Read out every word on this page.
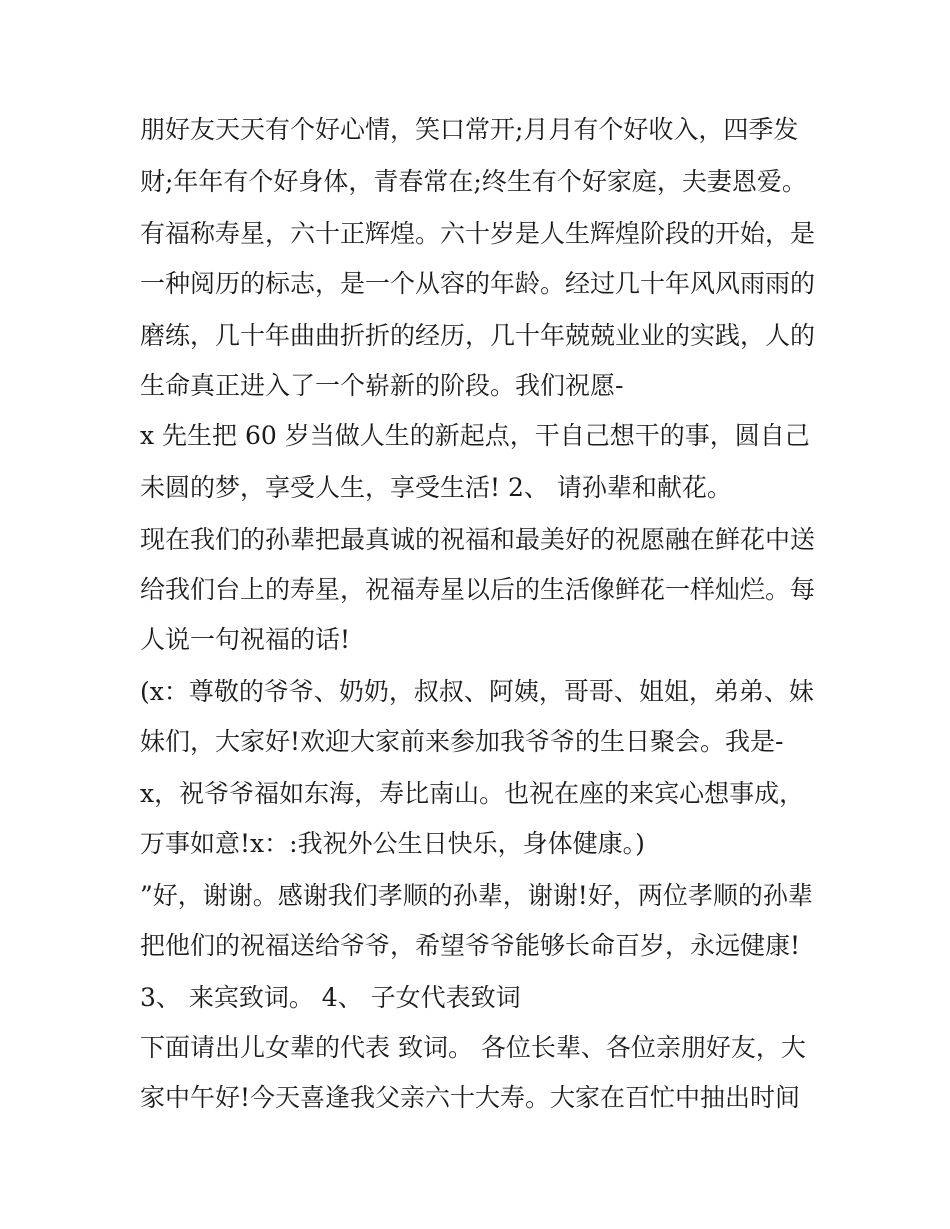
朋好友天天有个好心情，笑口常开;月月有个好收入，四季发
财;年年有个好身体，青春常在;终生有个好家庭，夫妻恩爱。
有福称寿星，六十正辉煌。六十岁是人生辉煌阶段的开始，是
一种阅历的标志，是一个从容的年龄。经过几十年风风雨雨的
磨练，几十年曲曲折折的经历，几十年兢兢业业的实践，人的
生命真正进入了一个崭新的阶段。我们祝愿-
x 先生把 60 岁当做人生的新起点，干自己想干的事，圆自己
未圆的梦，享受人生，享受生活! 2、 请孙辈和献花。
现在我们的孙辈把最真诚的祝福和最美好的祝愿融在鲜花中送
给我们台上的寿星，祝福寿星以后的生活像鲜花一样灿烂。每
人说一句祝福的话!
(x：尊敬的爷爷、奶奶，叔叔、阿姨，哥哥、姐姐，弟弟、妹
妹们，大家好!欢迎大家前来参加我爷爷的生日聚会。我是-
x，祝爷爷福如东海，寿比南山。也祝在座的来宾心想事成，
万事如意!x：:我祝外公生日快乐，身体健康。)
”好，谢谢。感谢我们孝顺的孙辈，谢谢!好，两位孝顺的孙辈
把他们的祝福送给爷爷，希望爷爷能够长命百岁，永远健康!
3、 来宾致词。 4、 子女代表致词
下面请出儿女辈的代表 致词。 各位长辈、各位亲朋好友，大
家中午好!今天喜逢我父亲六十大寿。大家在百忙中抽出时间
